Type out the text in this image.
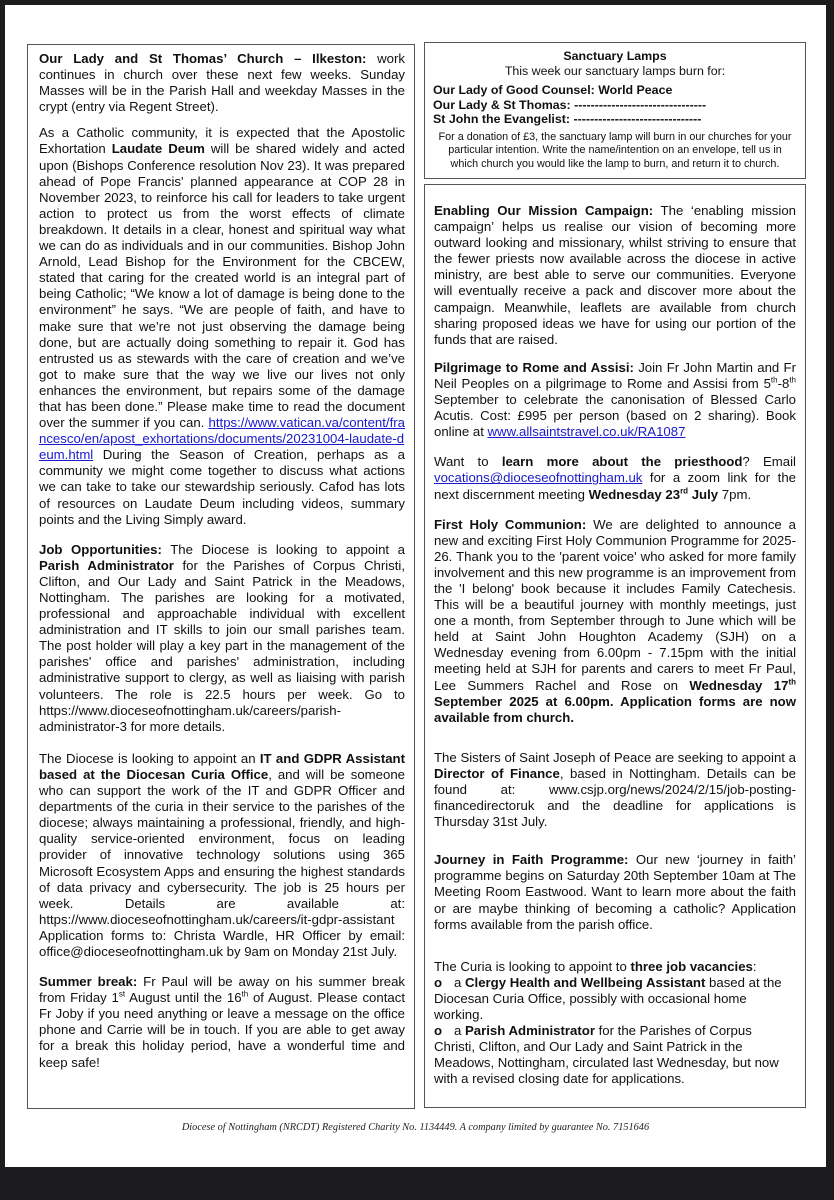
Our Lady and St Thomas’ Church – Ilkeston: work continues in church over these next few weeks. Sunday Masses will be in the Parish Hall and weekday Masses in the crypt (entry via Regent Street).

As a Catholic community, it is expected that the Apostolic Exhortation Laudate Deum will be shared widely and acted upon (Bishops Conference resolution Nov 23). It was prepared ahead of Pope Francis' planned appearance at COP 28 in November 2023, to reinforce his call for leaders to take urgent action to protect us from the worst effects of climate breakdown. It details in a clear, honest and spiritual way what we can do as individuals and in our communities. Bishop John Arnold, Lead Bishop for the Environment for the CBCEW, stated that caring for the created world is an integral part of being Catholic; “We know a lot of damage is being done to the environment” he says. “We are people of faith, and have to make sure that we’re not just observing the damage being done, but are actually doing something to repair it. God has entrusted us as stewards with the care of creation and we’ve got to make sure that the way we live our lives not only enhances the environment, but repairs some of the damage that has been done.” Please make time to read the document over the summer if you can. https://www.vatican.va/content/francesco/en/apost_exhortations/documents/20231004-laudate-deum.html During the Season of Creation, perhaps as a community we might come together to discuss what actions we can take to take our stewardship seriously. Cafod has lots of resources on Laudate Deum including videos, summary points and the Living Simply award.

Job Opportunities: The Diocese is looking to appoint a Parish Administrator for the Parishes of Corpus Christi, Clifton, and Our Lady and Saint Patrick in the Meadows, Nottingham. The parishes are looking for a motivated, professional and approachable individual with excellent administration and IT skills to join our small parishes team. The post holder will play a key part in the management of the parishes' office and parishes' administration, including administrative support to clergy, as well as liaising with parish volunteers. The role is 22.5 hours per week. Go to https://www.dioceseofnottingham.uk/careers/parish-administrator-3 for more details.

The Diocese is looking to appoint an IT and GDPR Assistant based at the Diocesan Curia Office, and will be someone who can support the work of the IT and GDPR Officer and departments of the curia in their service to the parishes of the diocese; always maintaining a professional, friendly, and high-quality service-oriented environment, focus on leading provider of innovative technology solutions using 365 Microsoft Ecosystem Apps and ensuring the highest standards of data privacy and cybersecurity. The job is 25 hours per week. Details are available at: https://www.dioceseofnottingham.uk/careers/it-gdpr-assistant Application forms to: Christa Wardle, HR Officer by email: office@dioceseofnottingham.uk by 9am on Monday 21st July.

Summer break: Fr Paul will be away on his summer break from Friday 1st August until the 16th of August. Please contact Fr Joby if you need anything or leave a message on the office phone and Carrie will be in touch. If you are able to get away for a break this holiday period, have a wonderful time and keep safe!

Sanctuary Lamps
This week our sanctuary lamps burn for:
Our Lady of Good Counsel: World Peace
Our Lady & St Thomas: --------------------------------
St John the Evangelist: -------------------------------
For a donation of £3, the sanctuary lamp will burn in our churches for your particular intention. Write the name/intention on an envelope, tell us in which church you would like the lamp to burn, and return it to church.

Enabling Our Mission Campaign: The ‘enabling mission campaign’ helps us realise our vision of becoming more outward looking and missionary, whilst striving to ensure that the fewer priests now available across the diocese in active ministry, are best able to serve our communities. Everyone will eventually receive a pack and discover more about the campaign. Meanwhile, leaflets are available from church sharing proposed ideas we have for using our portion of the funds that are raised.

Pilgrimage to Rome and Assisi: Join Fr John Martin and Fr Neil Peoples on a pilgrimage to Rome and Assisi from 5th-8th September to celebrate the canonisation of Blessed Carlo Acutis. Cost: £995 per person (based on 2 sharing). Book online at www.allsaintstravel.co.uk/RA1087

Want to learn more about the priesthood? Email vocations@dioceseofnottingham.uk for a zoom link for the next discernment meeting Wednesday 23rd July 7pm.

First Holy Communion: We are delighted to announce a new and exciting First Holy Communion Programme for 2025-26. Thank you to the 'parent voice' who asked for more family involvement and this new programme is an improvement from the 'I belong' book because it includes Family Catechesis. This will be a beautiful journey with monthly meetings, just one a month, from September through to June which will be held at Saint John Houghton Academy (SJH) on a Wednesday evening from 6.00pm - 7.15pm with the initial meeting held at SJH for parents and carers to meet Fr Paul, Lee Summers Rachel and Rose on Wednesday 17th September 2025 at 6.00pm. Application forms are now available from church.

The Sisters of Saint Joseph of Peace are seeking to appoint a Director of Finance, based in Nottingham. Details can be found at: www.csjp.org/news/2024/2/15/job-posting-financedirectoruk and the deadline for applications is Thursday 31st July.

Journey in Faith Programme: Our new ‘journey in faith’ programme begins on Saturday 20th September 10am at The Meeting Room Eastwood. Want to learn more about the faith or are maybe thinking of becoming a catholic? Application forms available from the parish office.

The Curia is looking to appoint to three job vacancies:

o a Clergy Health and Wellbeing Assistant based at the Diocesan Curia Office, possibly with occasional home working.

o a Parish Administrator for the Parishes of Corpus Christi, Clifton, and Our Lady and Saint Patrick in the Meadows, Nottingham, circulated last Wednesday, but now with a revised closing date for applications.

Diocese of Nottingham (NRCDT) Registered Charity No. 1134449. A company limited by guarantee No. 7151646
